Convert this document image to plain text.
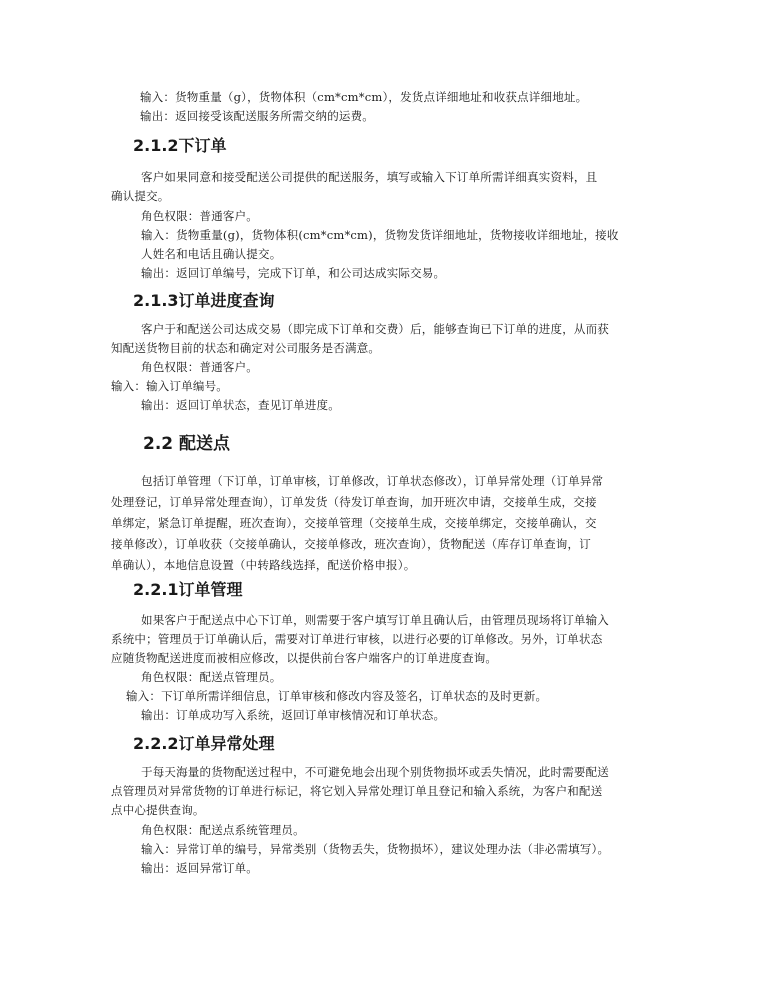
输入：货物重量（g），货物体积（cm*cm*cm），发货点详细地址和收获点详细地址。
输出：返回接受该配送服务所需交纳的运费。
2.1.2下订单
客户如果同意和接受配送公司提供的配送服务，填写或输入下订单所需详细真实资料，且
确认提交。
角色权限：普通客户。
输入：货物重量(g)，货物体积(cm*cm*cm)，货物发货详细地址，货物接收详细地址，接收
人姓名和电话且确认提交。
输出：返回订单编号，完成下订单，和公司达成实际交易。
2.1.3订单进度查询
客户于和配送公司达成交易（即完成下订单和交费）后，能够查询已下订单的进度，从而获
知配送货物目前的状态和确定对公司服务是否满意。
角色权限：普通客户。
输入：输入订单编号。
输出：返回订单状态，查见订单进度。
2.2 配送点
包括订单管理（下订单，订单审核，订单修改，订单状态修改），订单异常处理（订单异常
处理登记，订单异常处理查询），订单发货（待发订单查询，加开班次申请，交接单生成，交接
单绑定，紧急订单提醒，班次查询），交接单管理（交接单生成，交接单绑定，交接单确认，交
接单修改），订单收获（交接单确认，交接单修改，班次查询），货物配送（库存订单查询，订
单确认），本地信息设置（中转路线选择，配送价格申报）。
2.2.1订单管理
如果客户于配送点中心下订单，则需要于客户填写订单且确认后，由管理员现场将订单输入
系统中；管理员于订单确认后，需要对订单进行审核，以进行必要的订单修改。另外，订单状态
应随货物配送进度而被相应修改，以提供前台客户端客户的订单进度查询。
角色权限：配送点管理员。
输入：下订单所需详细信息，订单审核和修改内容及签名，订单状态的及时更新。
输出：订单成功写入系统，返回订单审核情况和订单状态。
2.2.2订单异常处理
于每天海量的货物配送过程中，不可避免地会出现个别货物损坏或丢失情况，此时需要配送
点管理员对异常货物的订单进行标记，将它划入异常处理订单且登记和输入系统，为客户和配送
点中心提供查询。
角色权限：配送点系统管理员。
输入：异常订单的编号，异常类别（货物丢失，货物损坏），建议处理办法（非必需填写）。
输出：返回异常订单。
